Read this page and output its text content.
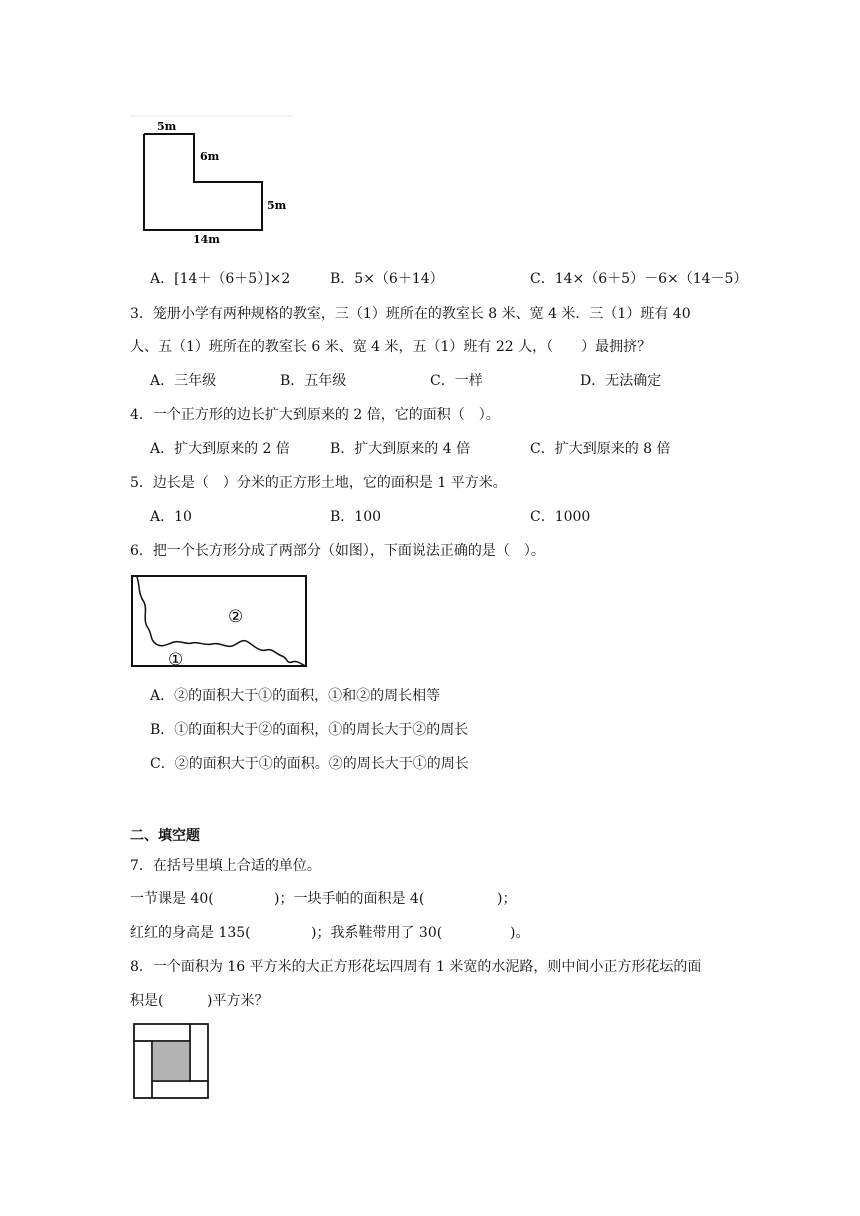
5m
6m
5m
14m
A．[14＋（6＋5）]×2	B．5×（6＋14）	C．14×（6＋5）－6×（14－5）
3．笼册小学有两种规格的教室，三（1）班所在的教室长 8 米、宽 4 米．三（1）班有 40
人、五（1）班所在的教室长 6 米、宽 4 米，五（1）班有 22 人，（　　）最拥挤？
A．三年级	B．五年级	C．一样	D．无法确定
4．一个正方形的边长扩大到原来的 2 倍，它的面积（　）。
A．扩大到原来的 2 倍	B．扩大到原来的 4 倍	C．扩大到原来的 8 倍
5．边长是（　）分米的正方形土地，它的面积是 1 平方米。
A．10	B．100	C．1000
6．把一个长方形分成了两部分（如图），下面说法正确的是（　）。
②
①
A．②的面积大于①的面积，①和②的周长相等
B．①的面积大于②的面积，①的周长大于②的周长
C．②的面积大于①的面积。②的周长大于①的周长
二、填空题
7．在括号里填上合适的单位。
一节课是 40(	)；一块手帕的面积是 4(	)；
红红的身高是 135(	)；我系鞋带用了 30(	)。
8．一个面积为 16 平方米的大正方形花坛四周有 1 米宽的水泥路，则中间小正方形花坛的面
积是(	)平方米？
